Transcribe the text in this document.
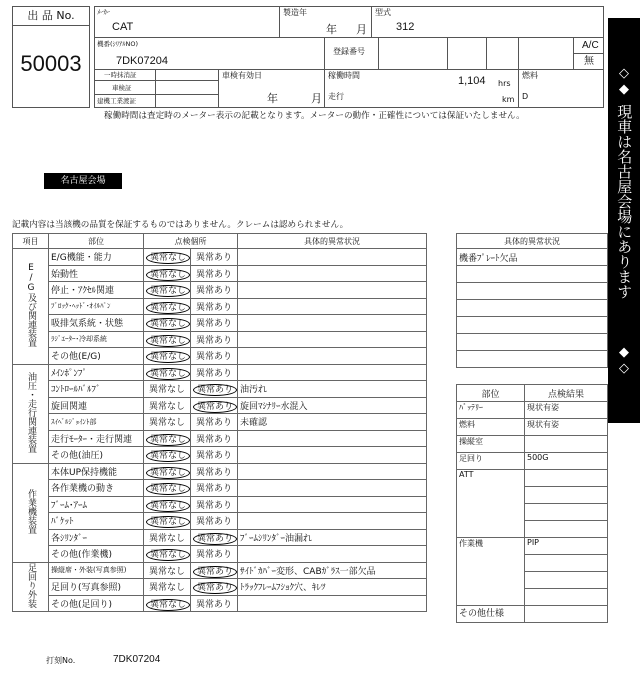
出 品 No.
50003
ﾒｰｶｰ
CAT
製造年
年 月
型式
312
機番(ｼﾘｱﾙNO)
7DK07204
登録番号
A/C
無
一時抹消証
車検証
建機工業渡証
車検有効日
年	月
稼働時間	1,104 hrs
走行	km
燃料
D
稼働時間は査定時のメーター表示の記載となります。メーターの動作・正確性については保証いたしません。
◇
◆
現車は名古屋会場にあります
◆
◇
名古屋会場
記載内容は当該機の品質を保証するものではありません。クレームは認められません。
項目	部位	点検個所		具体的異常状況
E/G及び関連装置	E/G機能・能力	異常なし	異常あり	
	始動性	異常なし	異常あり	
	停止・ｱｸｾﾙ関連	異常なし	異常あり	
	ﾌﾞﾛｯｸ･ﾍｯﾄﾞ･ｵｲﾙﾊﾟﾝ	異常なし	異常あり	
	吸排気系統・状態	異常なし	異常あり	
	ﾗｼﾞｴｰﾀｰ･冷却系統	異常なし	異常あり	
	その他(E/G)	異常なし	異常あり	
油圧・走行関連装置	ﾒｲﾝﾎﾟﾝﾌﾟ	異常なし	異常あり	
	ｺﾝﾄﾛｰﾙﾊﾞﾙﾌﾞ	異常なし	異常あり	油汚れ
	旋回関連	異常なし	異常あり	旋回ﾏｼﾅﾘｰ水混入
	ｽｲﾍﾞﾙｼﾞｮｲﾝﾄ部	異常なし	異常あり	未確認
	走行ﾓｰﾀｰ・走行関連	異常なし	異常あり	
	その他(油圧)	異常なし	異常あり	
作業機装置	本体UP保持機能	異常なし	異常あり	
	各作業機の動き	異常なし	異常あり	
	ﾌﾞｰﾑ･ｱｰﾑ	異常なし	異常あり	
	ﾊﾞｹｯﾄ	異常なし	異常あり	
	各ｼﾘﾝﾀﾞｰ	異常なし	異常あり	ﾌﾞｰﾑｼﾘﾝﾀﾞｰ油漏れ
	その他(作業機)	異常なし	異常あり	
足回り外装	操縦席・外装(写真参照)	異常なし	異常あり	ｻｲﾄﾞｶﾊﾞｰ変形、CABｶﾞﾗｽ一部欠品
	足回り(写真参照)	異常なし	異常あり	ﾄﾗｯｸﾌﾚｰﾑﾌｼｮｸ穴、ｷﾚﾂ
	その他(足回り)	異常なし	異常あり	
具体的異常状況
機番ﾌﾟﾚｰﾄ欠品

部位	点検結果
ﾊﾞｯﾃﾘｰ	現状有姿
燃料	現状有姿
操縦室	
足回り	500G
ATT	

作業機	PIP

その他仕様	
打刻No.	7DK07204
